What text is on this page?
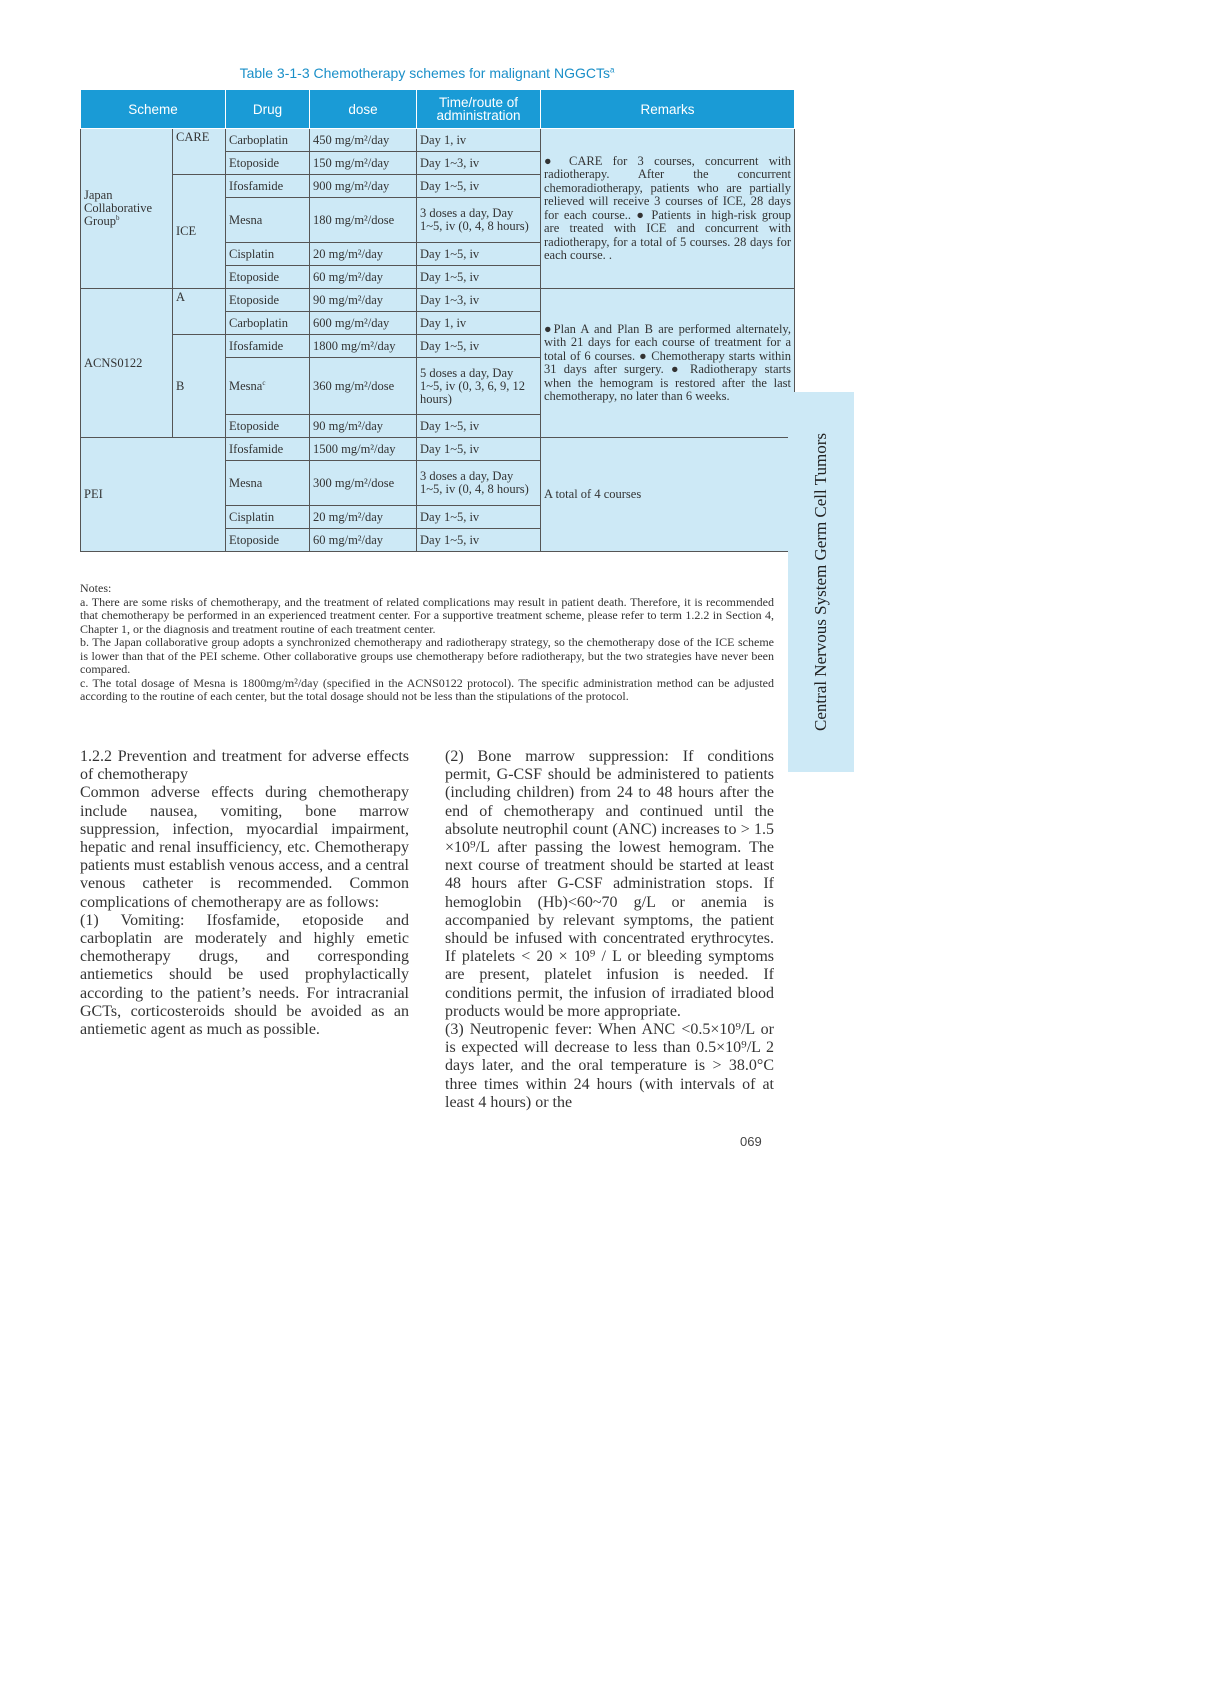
Table 3-1-3 Chemotherapy schemes for malignant NGGCTs$^a$
Scheme		Drug	dose	Time/route of administration	Remarks
Japan Collaborative Group$^b$	CARE	Carboplatin	450 mg/m²/day	Day 1, iv	● CARE for 3 courses, concurrent with radiotherapy. After the concurrent chemoradiotherapy, patients who are partially relieved will receive 3 courses of ICE, 28 days for each course.. ● Patients in high-risk group are treated with ICE and concurrent with radiotherapy, for a total of 5 courses. 28 days for each course. .
		Etoposide	150 mg/m²/day	Day 1~3, iv	
	ICE	Ifosfamide	900 mg/m²/day	Day 1~5, iv	
		Mesna	180 mg/m²/dose	3 doses a day, Day 1~5, iv (0, 4, 8 hours)	
		Cisplatin	20 mg/m²/day	Day 1~5, iv	
		Etoposide	60 mg/m²/day	Day 1~5, iv	
ACNS0122	A	Etoposide	90 mg/m²/day	Day 1~3, iv	●Plan A and Plan B are performed alternately, with 21 days for each course of treatment for a total of 6 courses. ● Chemotherapy starts within 31 days after surgery. ● Radiotherapy starts when the hemogram is restored after the last chemotherapy, no later than 6 weeks.
		Carboplatin	600 mg/m²/day	Day 1, iv	
	B	Ifosfamide	1800 mg/m²/day	Day 1~5, iv	
		Mesna$^c$	360 mg/m²/dose	5 doses a day, Day 1~5, iv (0, 3, 6, 9, 12 hours)	
		Etoposide	90 mg/m²/day	Day 1~5, iv	
PEI		Ifosfamide	1500 mg/m²/day	Day 1~5, iv	A total of 4 courses
		Mesna	300 mg/m²/dose	3 doses a day, Day 1~5, iv (0, 4, 8 hours)	
		Cisplatin	20 mg/m²/day	Day 1~5, iv	
		Etoposide	60 mg/m²/day	Day 1~5, iv	

Notes:

a. There are some risks of chemotherapy, and the treatment of related complications may result in patient death. Therefore, it is recommended that chemotherapy be performed in an experienced treatment center. For a supportive treatment scheme, please refer to term 1.2.2 in Section 4, Chapter 1, or the diagnosis and treatment routine of each treatment center.

b. The Japan collaborative group adopts a synchronized chemotherapy and radiotherapy strategy, so the chemotherapy dose of the ICE scheme is lower than that of the PEI scheme. Other collaborative groups use chemotherapy before radiotherapy, but the two strategies have never been compared.

c. The total dosage of Mesna is 1800mg/m²/day (specified in the ACNS0122 protocol). The specific administration method can be adjusted according to the routine of each center, but the total dosage should not be less than the stipulations of the protocol.

1.2.2 Prevention and treatment for adverse effects of chemotherapy

Common adverse effects during chemotherapy include nausea, vomiting, bone marrow suppression, infection, myocardial impairment, hepatic and renal insufficiency, etc. Chemotherapy patients must establish venous access, and a central venous catheter is recommended. Common complications of chemotherapy are as follows:

(1) Vomiting: Ifosfamide, etoposide and carboplatin are moderately and highly emetic chemotherapy drugs, and corresponding antiemetics should be used prophylactically according to the patient’s needs. For intracranial GCTs, corticosteroids should be avoided as an antiemetic agent as much as possible.

(2) Bone marrow suppression: If conditions permit, G-CSF should be administered to patients (including children) from 24 to 48 hours after the end of chemotherapy and continued until the absolute neutrophil count (ANC) increases to > 1.5 ×10⁹/L after passing the lowest hemogram. The next course of treatment should be started at least 48 hours after G-CSF administration stops. If hemoglobin (Hb)<60~70 g/L or anemia is accompanied by relevant symptoms, the patient should be infused with concentrated erythrocytes. If platelets < 20 × 10⁹ / L or bleeding symptoms are present, platelet infusion is needed. If conditions permit, the infusion of irradiated blood products would be more appropriate.

(3) Neutropenic fever: When ANC <0.5×10⁹/L or is expected will decrease to less than 0.5×10⁹/L 2 days later, and the oral temperature is > 38.0°C three times within 24 hours (with intervals of at least 4 hours) or the

069
Central Nervous System Germ Cell Tumors
